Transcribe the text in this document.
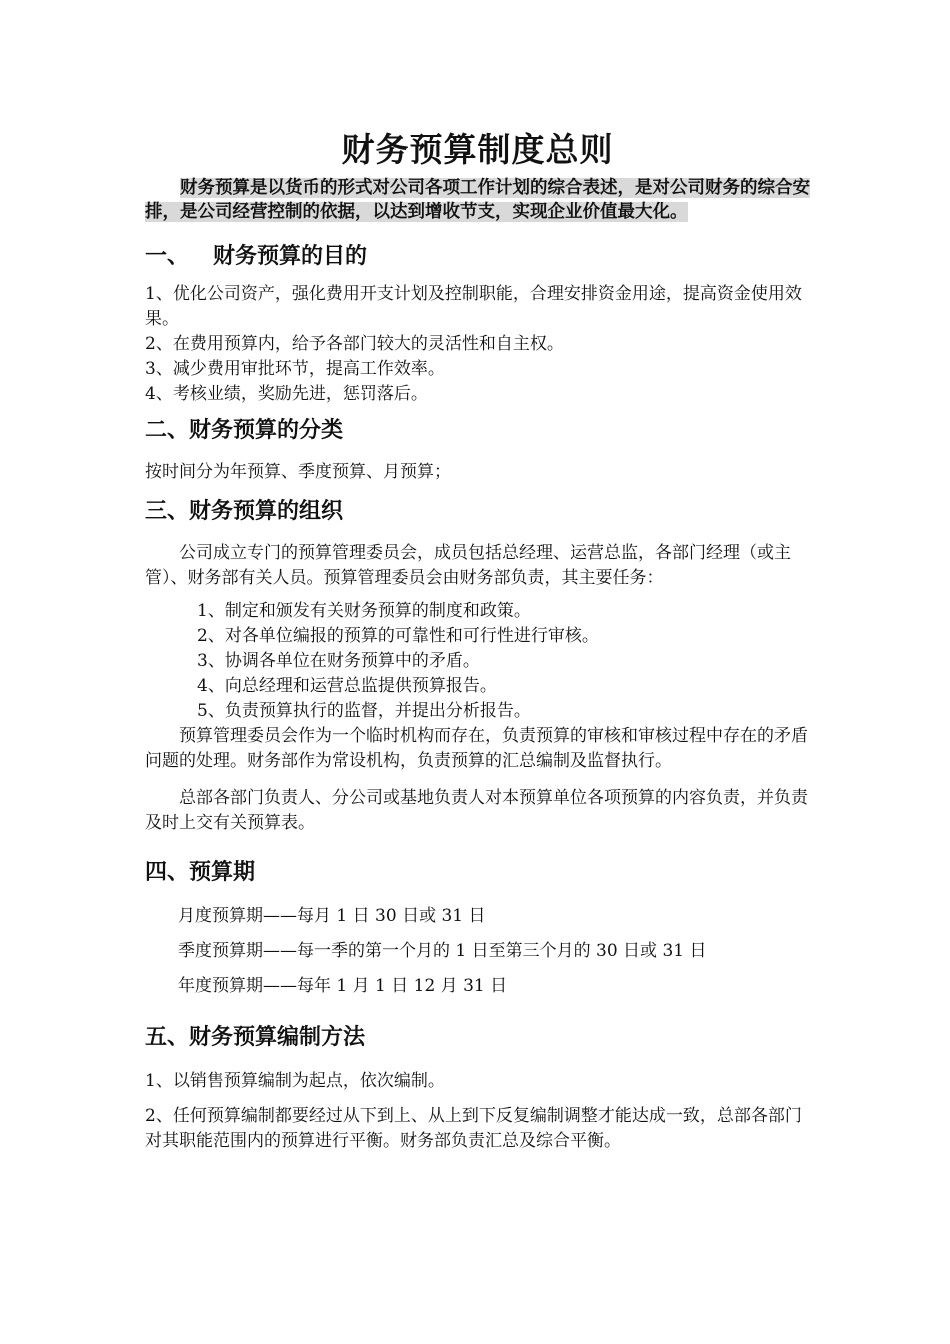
财务预算制度总则

财务预算是以货币的形式对公司各项工作计划的综合表述，是对公司财务的综合安排，是公司经营控制的依据，以达到增收节支，实现企业价值最大化。

一、 财务预算的目的

1、优化公司资产，强化费用开支计划及控制职能，合理安排资金用途，提高资金使用效果。

2、在费用预算内，给予各部门较大的灵活性和自主权。

3、减少费用审批环节，提高工作效率。

4、考核业绩，奖励先进，惩罚落后。

二、财务预算的分类

按时间分为年预算、季度预算、月预算；

三、财务预算的组织

公司成立专门的预算管理委员会，成员包括总经理、运营总监，各部门经理（或主管）、财务部有关人员。预算管理委员会由财务部负责，其主要任务：

1、制定和颁发有关财务预算的制度和政策。

2、对各单位编报的预算的可靠性和可行性进行审核。

3、协调各单位在财务预算中的矛盾。

4、向总经理和运营总监提供预算报告。

5、负责预算执行的监督，并提出分析报告。

预算管理委员会作为一个临时机构而存在，负责预算的审核和审核过程中存在的矛盾问题的处理。财务部作为常设机构，负责预算的汇总编制及监督执行。

总部各部门负责人、分公司或基地负责人对本预算单位各项预算的内容负责，并负责及时上交有关预算表。

四、预算期

月度预算期——每月 1 日 30 日或 31 日

季度预算期——每一季的第一个月的 1 日至第三个月的 30 日或 31 日

年度预算期——每年 1 月 1 日 12 月 31 日

五、财务预算编制方法

1、以销售预算编制为起点，依次编制。

2、任何预算编制都要经过从下到上、从上到下反复编制调整才能达成一致，总部各部门对其职能范围内的预算进行平衡。财务部负责汇总及综合平衡。
